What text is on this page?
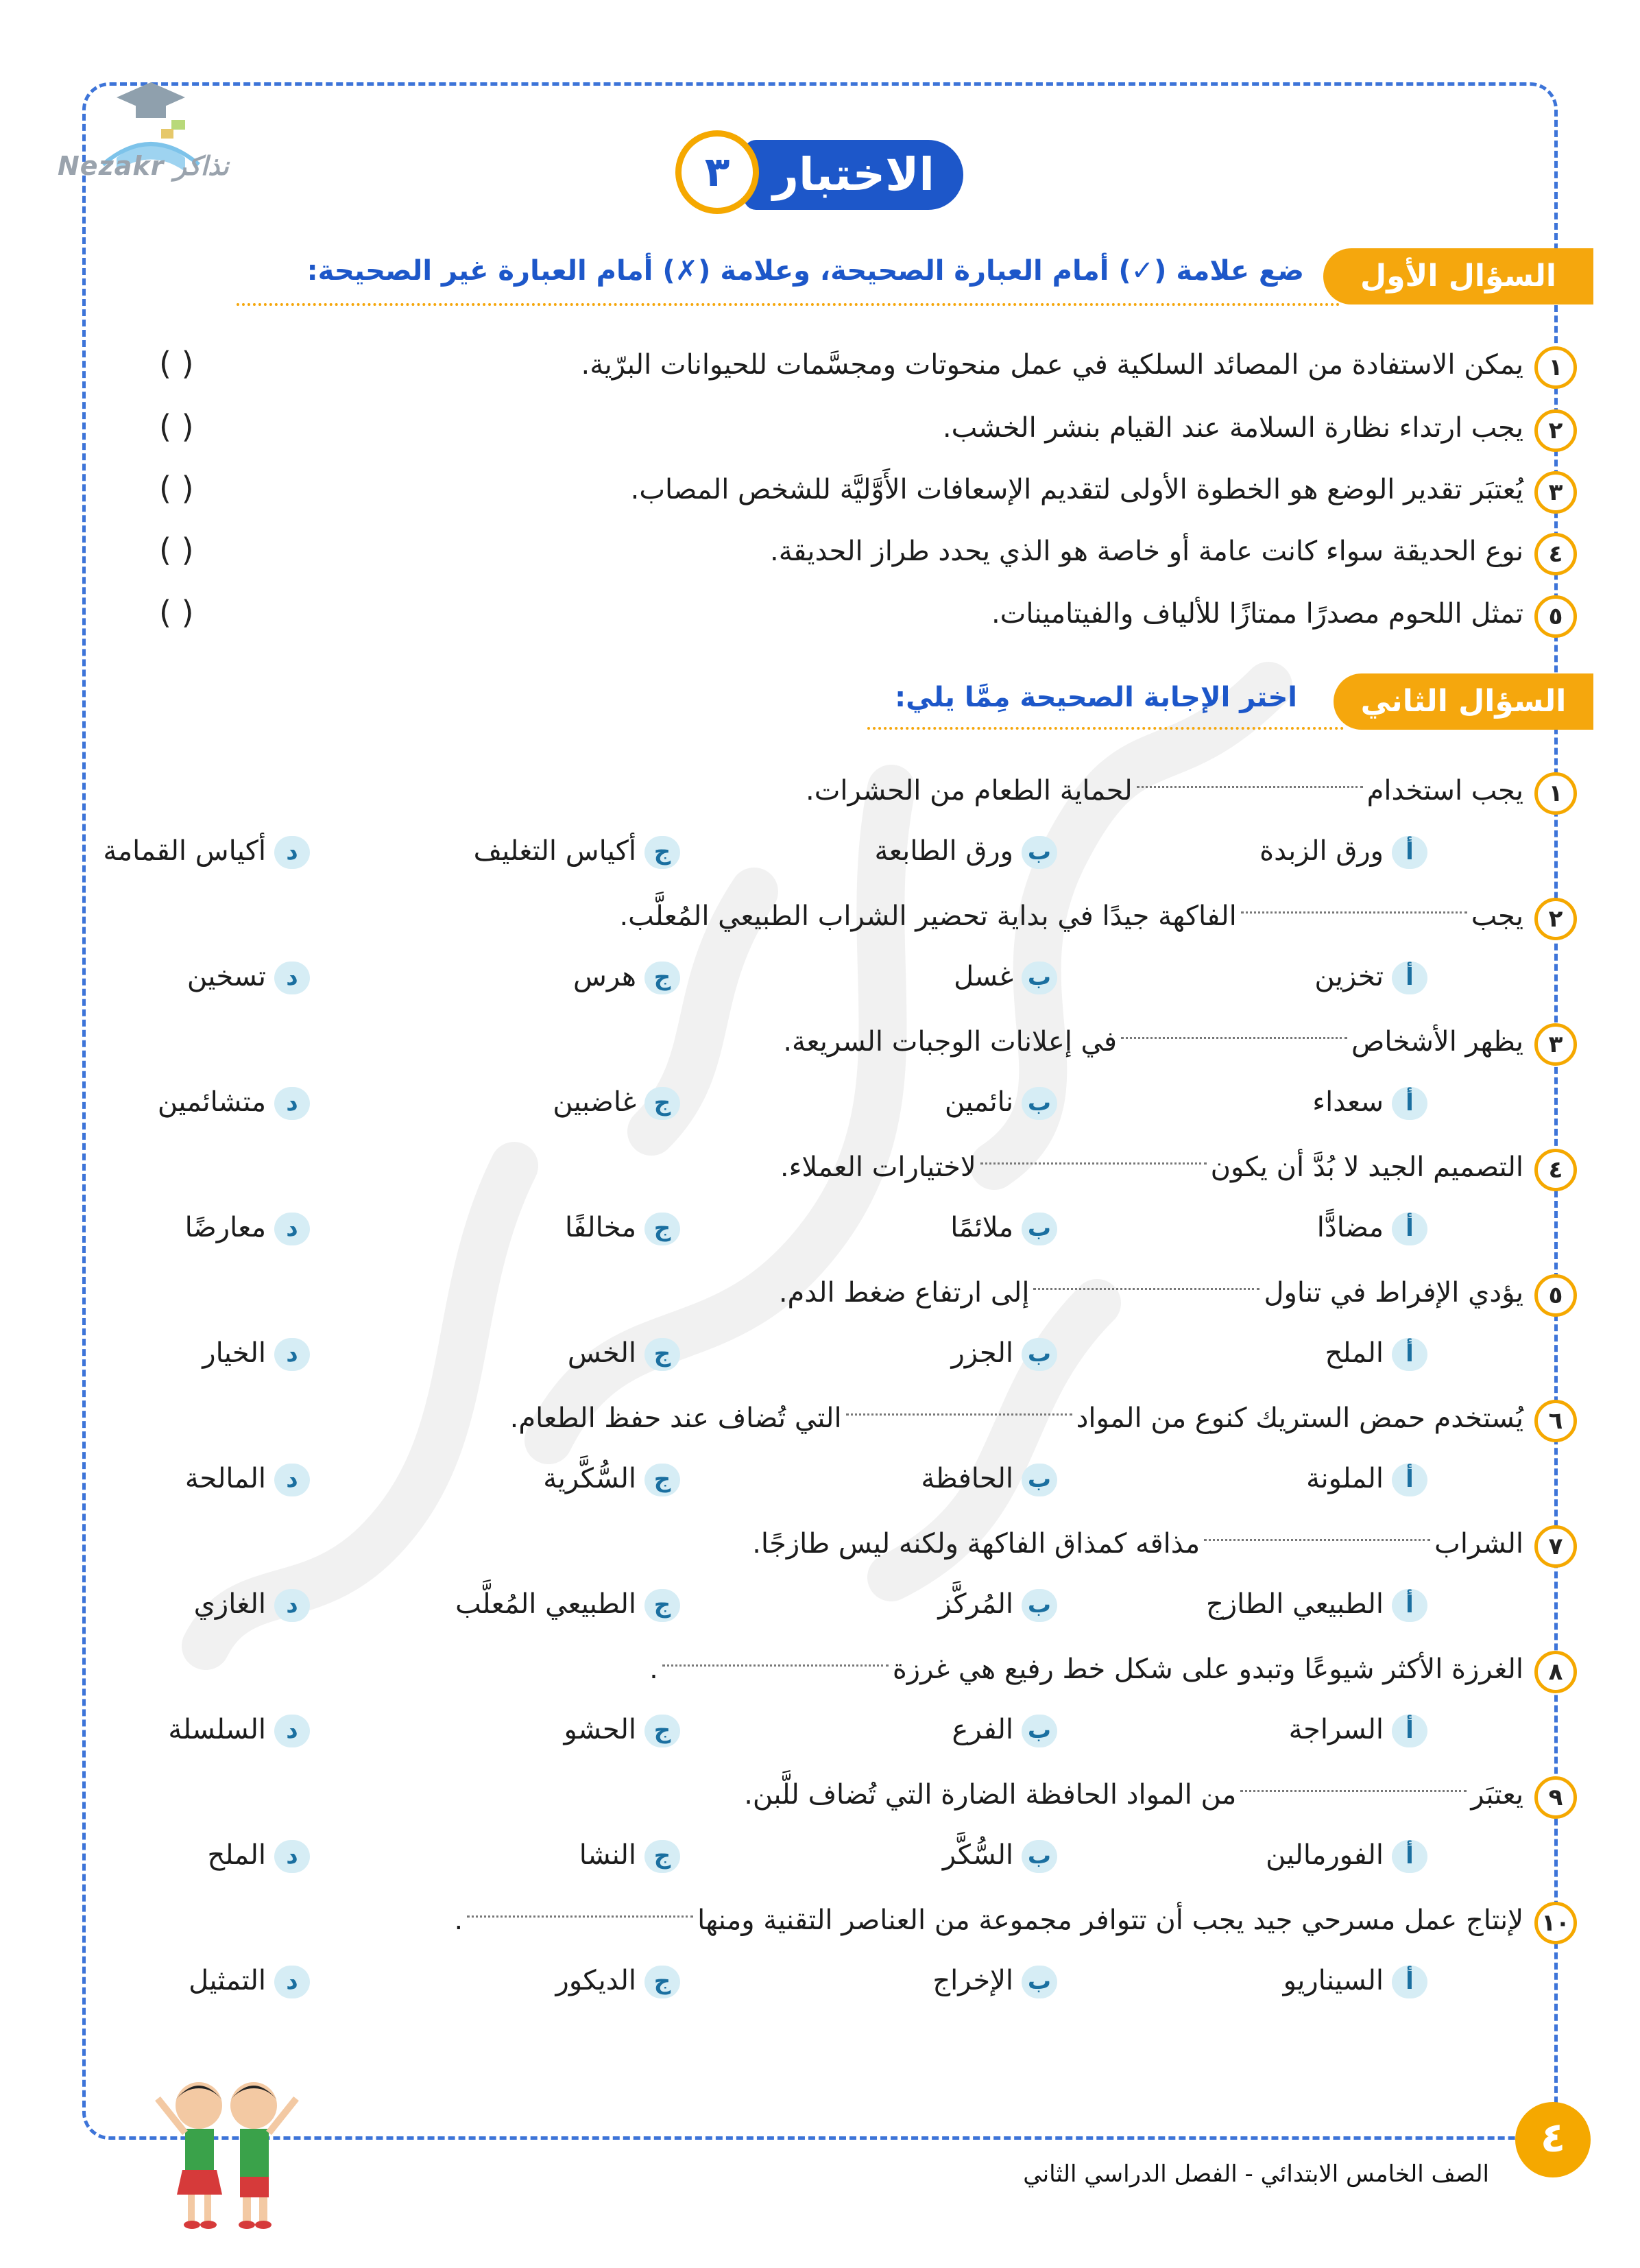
Nezakr نذاكر	الاختبار
٣
السؤال الأول
ضع علامة (✓) أمام العبارة الصحيحة، وعلامة (✗) أمام العبارة غير الصحيحة:
١
يمكن الاستفادة من المصائد السلكية في عمل منحوتات ومجسَّمات للحيوانات البرّية.
( )
٢
يجب ارتداء نظارة السلامة عند القيام بنشر الخشب.
( )
٣
يُعتبَر تقدير الوضع هو الخطوة الأولى لتقديم الإسعافات الأَوَّليَّة للشخص المصاب.
( )
٤
نوع الحديقة سواء كانت عامة أو خاصة هو الذي يحدد طراز الحديقة.
( )
٥
تمثل اللحوم مصدرًا ممتازًا للألياف والفيتامينات.
( )
السؤال الثاني
اختر الإجابة الصحيحة مِمَّا يلي:
١
يجب استخداملحماية الطعام من الحشرات.
أورق الزبدة
بورق الطابعة
جأكياس التغليف
دأكياس القمامة
٢
يجبالفاكهة جيدًا في بداية تحضير الشراب الطبيعي المُعلَّب.
أتخزين
بغسل
جهرس
دتسخين
٣
يظهر الأشخاصفي إعلانات الوجبات السريعة.
أسعداء
بنائمين
جغاضبين
دمتشائمين
٤
التصميم الجيد لا بُدَّ أن يكونلاختيارات العملاء.
أمضادًّا
بملائمًا
جمخالفًا
دمعارضًا
٥
يؤدي الإفراط في تناولإلى ارتفاع ضغط الدم.
أالملح
بالجزر
جالخس
دالخيار
٦
يُستخدم حمض الستريك كنوع من الموادالتي تُضاف عند حفظ الطعام.
أالملونة
بالحافظة
جالسُّكَّرية
دالمالحة
٧
الشرابمذاقه كمذاق الفاكهة ولكنه ليس طازجًا.
أالطبيعي الطازج
بالمُركَّز
جالطبيعي المُعلَّب
دالغازي
٨
الغرزة الأكثر شيوعًا وتبدو على شكل خط رفيع هي غرزة.
أالسراجة
بالفرع
جالحشو
دالسلسلة
٩
يعتبَرمن المواد الحافظة الضارة التي تُضاف للَّبن.
أالفورمالين
بالسُّكَّر
جالنشا
دالملح
١٠
لإنتاج عمل مسرحي جيد يجب أن تتوافر مجموعة من العناصر التقنية ومنها.
أالسيناريو
بالإخراج
جالديكور
دالتمثيل
٤
الصف الخامس الابتدائي - الفصل الدراسي الثاني
